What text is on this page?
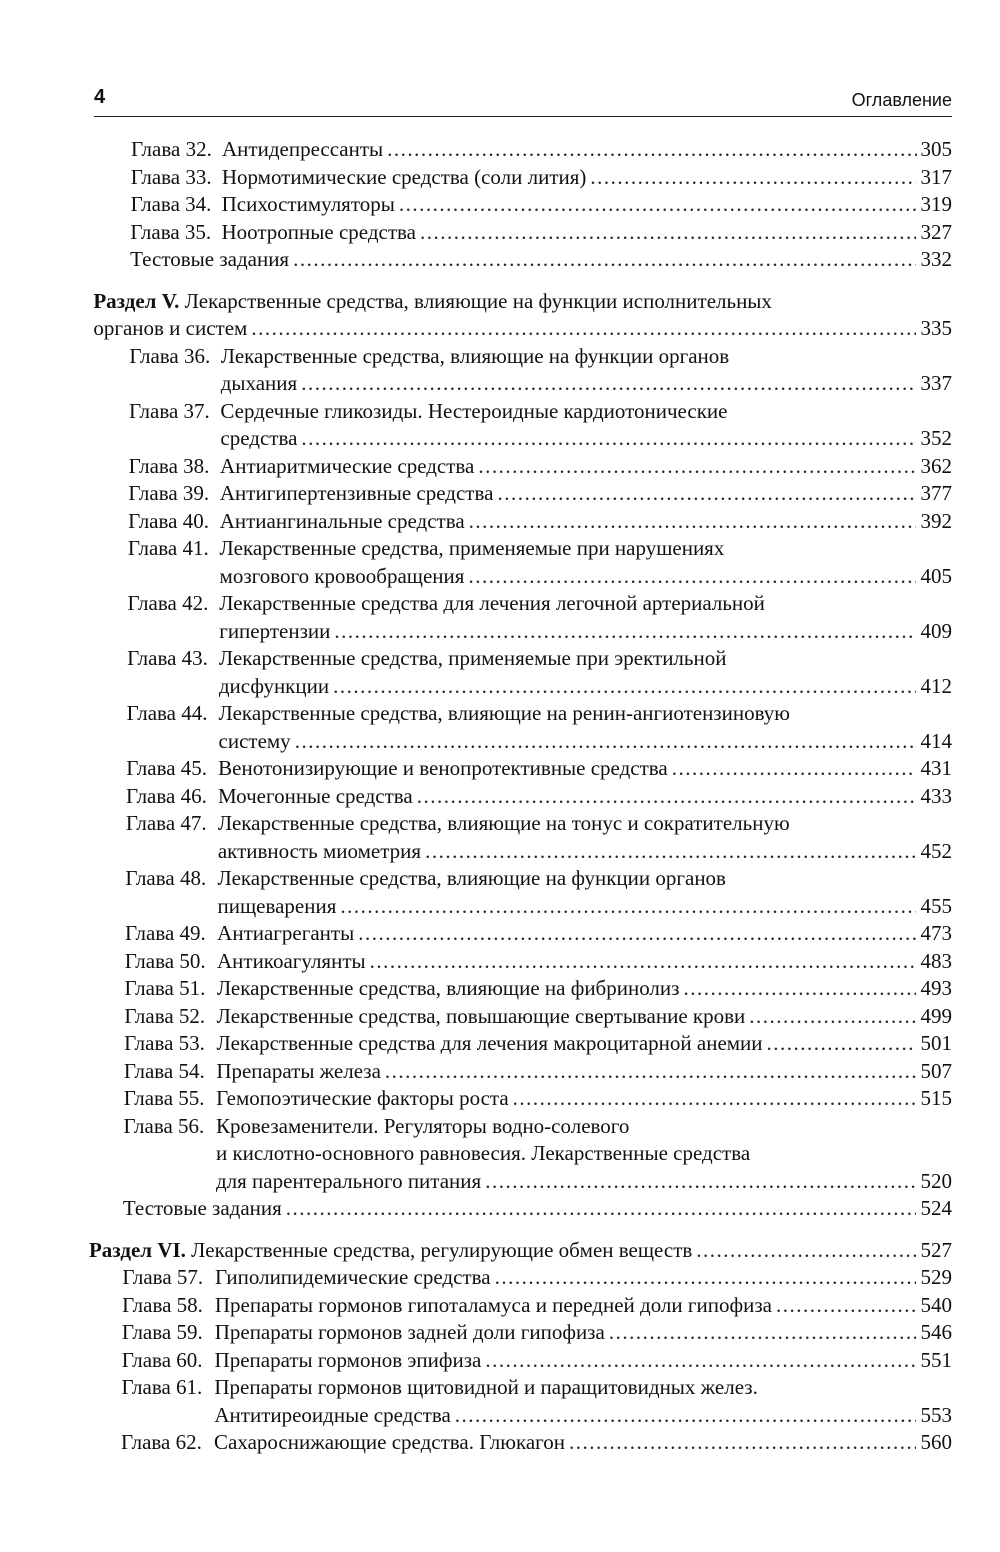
4	Оглавление
Глава 32. Антидепрессанты .....	305
Глава 33. Нормотимические средства (соли лития) .....	317
Глава 34. Психостимуляторы .....	319
Глава 35. Ноотропные средства .....	327
Тестовые задания .....	332
Раздел V. Лекарственные средства, влияющие на функции исполнительных
органов и систем .....	335
Глава 36. Лекарственные средства, влияющие на функции органов
дыхания .....	337
Глава 37. Сердечные гликозиды. Нестероидные кардиотонические
средства .....	352
Глава 38. Антиаритмические средства .....	362
Глава 39. Антигипертензивные средства .....	377
Глава 40. Антиангинальные средства .....	392
Глава 41. Лекарственные средства, применяемые при нарушениях
мозгового кровообращения .....	405
Глава 42. Лекарственные средства для лечения легочной артериальной
гипертензии .....	409
Глава 43. Лекарственные средства, применяемые при эректильной
дисфункции .....	412
Глава 44. Лекарственные средства, влияющие на ренин-ангиотензиновую
систему .....	414
Глава 45. Венотонизирующие и венопротективные средства .....	431
Глава 46. Мочегонные средства .....	433
Глава 47. Лекарственные средства, влияющие на тонус и сократительную
активность миометрия .....	452
Глава 48. Лекарственные средства, влияющие на функции органов
пищеварения .....	455
Глава 49. Антиагреганты .....	473
Глава 50. Антикоагулянты .....	483
Глава 51. Лекарственные средства, влияющие на фибринолиз .....	493
Глава 52. Лекарственные средства, повышающие свертывание крови .....	499
Глава 53. Лекарственные средства для лечения макроцитарной анемии .....	501
Глава 54. Препараты железа .....	507
Глава 55. Гемопоэтические факторы роста .....	515
Глава 56. Кровезаменители. Регуляторы водно-солевого
и кислотно-основного равновесия. Лекарственные средства
для парентерального питания .....	520
Тестовые задания .....	524
Раздел VI. Лекарственные средства, регулирующие обмен веществ .....	527
Глава 57. Гиполипидемические средства .....	529
Глава 58. Препараты гормонов гипоталамуса и передней доли гипофиза .....	540
Глава 59. Препараты гормонов задней доли гипофиза .....	546
Глава 60. Препараты гормонов эпифиза .....	551
Глава 61. Препараты гормонов щитовидной и паращитовидных желез.
Антитиреоидные средства .....	553
Глава 62. Сахароснижающие средства. Глюкагон .....	560
